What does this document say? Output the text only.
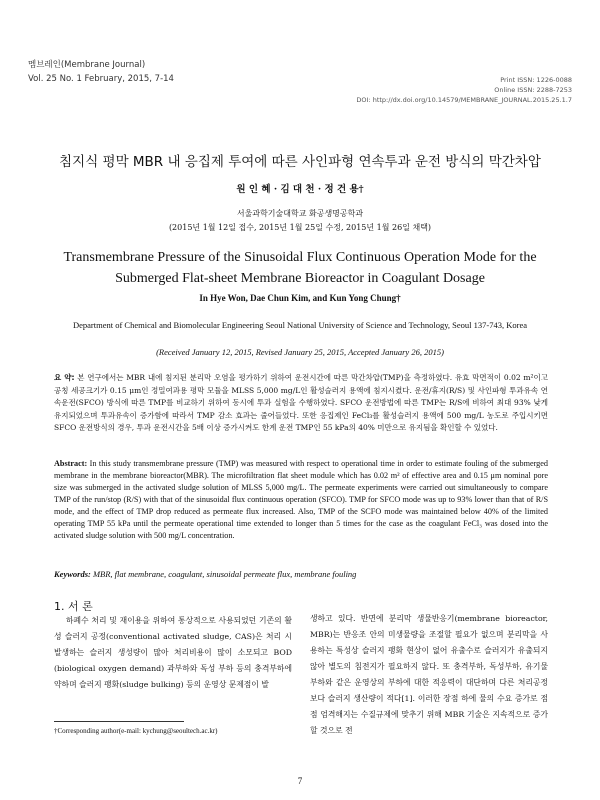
멤브레인(Membrane Journal)
Vol. 25 No. 1 February, 2015, 7-14	Print ISSN: 1226-0088
Online ISSN: 2288-7253
DOI: http://dx.doi.org/10.14579/MEMBRANE_JOURNAL.2015.25.1.7
침지식 평막 MBR 내 응집제 투여에 따른 사인파형 연속투과 운전 방식의 막간차압
원 인 혜 · 김 대 천 · 정 건 용†
서울과학기술대학교 화공생명공학과
(2015년 1월 12일 접수, 2015년 1월 25일 수정, 2015년 1월 26일 채택)
Transmembrane Pressure of the Sinusoidal Flux Continuous Operation Mode for the
Submerged Flat-sheet Membrane Bioreactor in Coagulant Dosage
In Hye Won, Dae Chun Kim, and Kun Yong Chung†
Department of Chemical and Biomolecular Engineering Seoul National University of Science and Technology, Seoul 137-743, Korea
(Received January 12, 2015, Revised January 25, 2015, Accepted January 26, 2015)
요 약: 본 연구에서는 MBR 내에 침지된 분리막 오염을 평가하기 위하여 운전시간에 따른 막간차압(TMP)을 측정하였다. 유효 막면적이 0.02 m²이고 공칭 세공크기가 0.15 μm인 정밀여과용 평막 모듈을 MLSS 5,000 mg/L인 활성슬러지 용액에 침지시켰다. 운전/휴지(R/S) 및 사인파형 투과유속 연속운전(SFCO) 방식에 따른 TMP를 비교하기 위하여 동시에 투과 실험을 수행하였다. SFCO 운전방법에 따른 TMP는 R/S에 비하여 최대 93% 낮게 유지되었으며 투과유속이 증가함에 따라서 TMP 감소 효과는 줄어들었다. 또한 응집제인 FeCl₃를 활성슬러지 용액에 500 mg/L 농도로 주입시키면 SFCO 운전방식의 경우, 투과 운전시간을 5배 이상 증가시켜도 한계 운전 TMP인 55 kPa의 40% 미만으로 유지됨을 확인할 수 있었다.
Abstract: In this study transmembrane pressure (TMP) was measured with respect to operational time in order to estimate fouling of the submerged membrane in the membrane bioreactor(MBR). The microfiltration flat sheet module which has 0.02 m² of effective area and 0.15 μm nominal pore size was submerged in the activated sludge solution of MLSS 5,000 mg/L. The permeate experiments were carried out simultaneously to compare TMP of the run/stop (R/S) with that of the sinusoidal flux continuous operation (SFCO). TMP for SFCO mode was up to 93% lower than that of R/S mode, and the effect of TMP drop reduced as permeate flux increased. Also, TMP of the SCFO mode was maintained below 40% of the limited operating TMP 55 kPa until the permeate operational time extended to longer than 5 times for the case as the coagulant FeCl₃ was dosed into the activated sludge solution with 500 mg/L concentration.
Keywords: MBR, flat membrane, coagulant, sinusoidal permeate flux, membrane fouling
1. 서 론

하폐수 처리 및 재이용을 위하여 통상적으로 사용되었던 기존의 활성 슬러지 공정(conventional activated sludge, CAS)은 처리 시 발생하는 슬러지 생성량이 많아 처리비용이 많이 소모되고 BOD (biological oxygen demand) 과부하와 독성 부하 등의 충격부하에 약하며 슬러지 팽화(sludge bulking) 등의 운영상 문제점이 발

생하고 있다. 반면에 분리막 생물반응기(membrane bioreactor, MBR)는 반응조 안의 미생물량을 조절할 필요가 없으며 분리막을 사용하는 특성상 슬러지 팽화 현상이 없어 유출수로 슬러지가 유출되지 않아 별도의 침전지가 필요하지 않다. 또 충격부하, 독성부하, 유기물 부하와 같은 운영상의 부하에 대한 적응력이 대단하며 다른 처리공정보다 슬러지 생산량이 적다[1]. 이러한 장점 하에 물의 수요 증가로 점점 엄격해지는 수질규제에 맞추기 위해 MBR 기술은 지속적으로 증가할 것으로 전

†Corresponding author(e-mail: kychung@seoultech.ac.kr)
7
